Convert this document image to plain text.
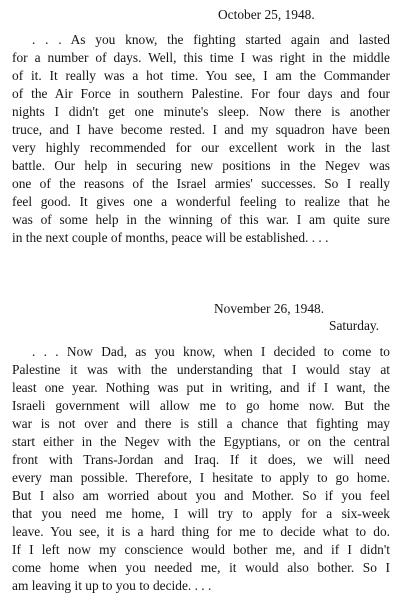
October 25, 1948.
. . . As you know, the fighting started again and lasted
for a number of days. Well, this time I was right in the middle
of it. It really was a hot time. You see, I am the Commander
of the Air Force in southern Palestine. For four days and four
nights I didn't get one minute's sleep. Now there is another
truce, and I have become rested. I and my squadron have been
very highly recommended for our excellent work in the last
battle. Our help in securing new positions in the Negev was
one of the reasons of the Israel armies' successes. So I really
feel good. It gives one a wonderful feeling to realize that he
was of some help in the winning of this war. I am quite sure
in the next couple of months, peace will be established. . . .
November 26, 1948.
Saturday.
. . . Now Dad, as you know, when I decided to come to
Palestine it was with the understanding that I would stay at
least one year. Nothing was put in writing, and if I want, the
Israeli government will allow me to go home now. But the
war is not over and there is still a chance that fighting may
start either in the Negev with the Egyptians, or on the central
front with Trans-Jordan and Iraq. If it does, we will need
every man possible. Therefore, I hesitate to apply to go home.
But I also am worried about you and Mother. So if you feel
that you need me home, I will try to apply for a six-week
leave. You see, it is a hard thing for me to decide what to do.
If I left now my conscience would bother me, and if I didn't
come home when you needed me, it would also bother. So I
am leaving it up to you to decide. . . .
